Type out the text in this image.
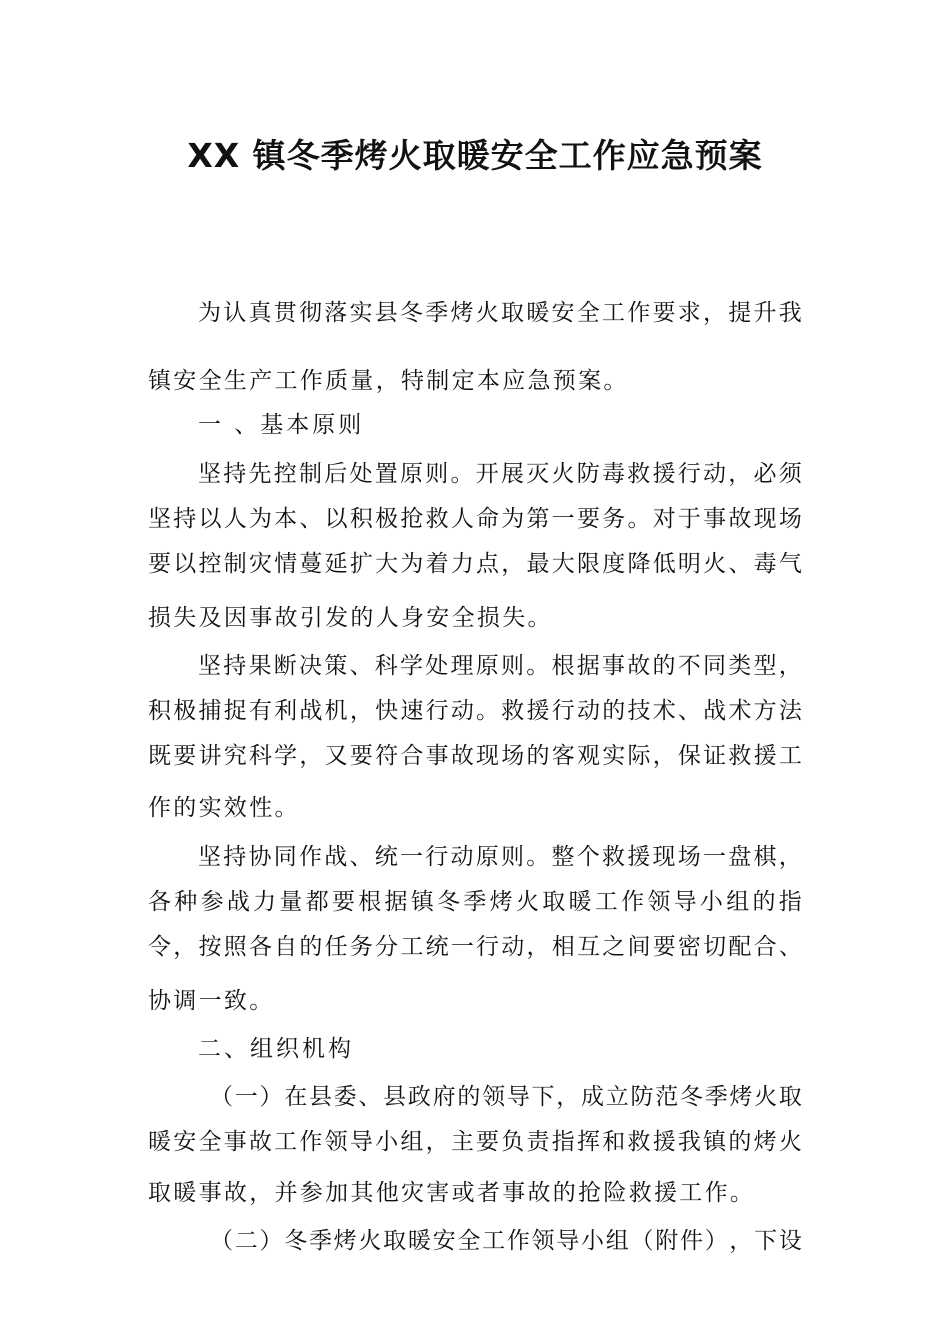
XX 镇冬季烤火取暖安全工作应急预案
为 认 真 贯 彻 落 实 县 冬 季 烤 火 取 暖 安 全 工 作 要 求 ， 提 升 我
镇安全生产工作质量，特制定本应急预案。
一 、基本原则
坚 持 先 控 制 后 处 置 原 则 。 开 展 灭 火 防 毒 救 援 行 动 ， 必 须
坚 持 以 人 为 本 、 以 积 极 抢 救 人 命 为 第 一 要 务 。 对 于 事 故 现 场
要 以 控 制 灾 情 蔓 延 扩 大 为 着 力 点 ， 最 大 限 度 降 低 明 火 、 毒 气
损失及因事故引发的人身安全损失。
坚 持 果 断 决 策 、 科 学 处 理 原 则 。 根 据 事 故 的 不 同 类 型 ，
积 极 捕 捉 有 利 战 机 ， 快 速 行 动 。 救 援 行 动 的 技 术 、 战 术 方 法
既 要 讲 究 科 学 ， 又 要 符 合 事 故 现 场 的 客 观 实 际 ， 保 证 救 援 工
作的实效性。
坚 持 协 同 作 战 、 统 一 行 动 原 则 。 整 个 救 援 现 场 一 盘 棋 ，
各 种 参 战 力 量 都 要 根 据 镇 冬 季 烤 火 取 暖 工 作 领 导 小 组 的 指
令 ， 按 照 各 自 的 任 务 分 工 统 一 行 动 ， 相 互 之 间 要 密 切 配 合 、
协调一致。
二、组织机构
（ 一 ） 在 县 委 、 县 政 府 的 领 导 下 ， 成 立 防 范 冬 季 烤 火 取
暖 安 全 事 故 工 作 领 导 小 组 ， 主 要 负 责 指 挥 和 救 援 我 镇 的 烤 火
取暖事故，并参加其他灾害或者事故的抢险救援工作。
（ 二 ） 冬 季 烤 火 取 暖 安 全 工 作 领 导 小 组 （ 附 件 ） ， 下 设
